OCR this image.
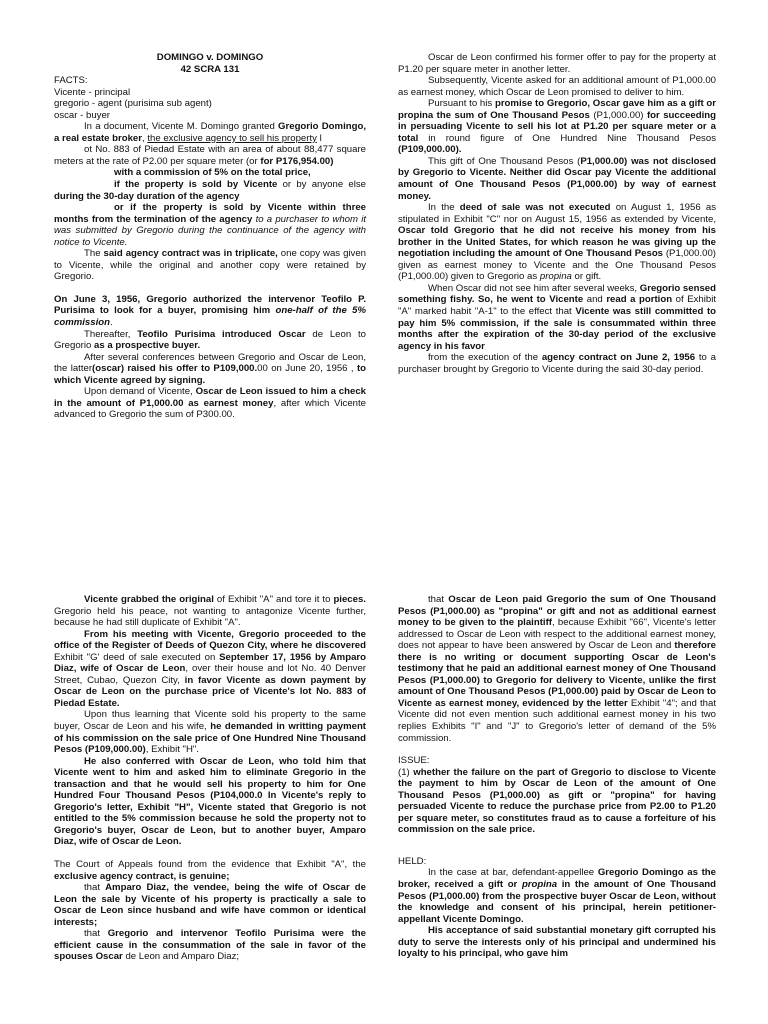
DOMINGO v. DOMINGO

42 SCRA 131

FACTS:

Vicente - principal

gregorio - agent (purisima sub agent)

oscar - buyer

In a document, Vicente M. Domingo granted Gregorio Domingo, a real estate broker, the exclusive agency to sell his property l

ot No. 883 of Piedad Estate with an area of about 88,477 square meters at the rate of P2.00 per square meter (or for P176,954.00)

with a commission of 5% on the total price,

if the property is sold by Vicente or by anyone else during the 30-day duration of the agency

or if the property is sold by Vicente within three months from the termination of the agency to a purchaser to whom it was submitted by Gregorio during the continuance of the agency with notice to Vicente.

The said agency contract was in triplicate, one copy was given to Vicente, while the original and another copy were retained by Gregorio.

On June 3, 1956, Gregorio authorized the intervenor Teofilo P. Purisima to look for a buyer, promising him one-half of the 5% commission.

Thereafter, Teofilo Purisima introduced Oscar de Leon to Gregorio as a prospective buyer.

After several conferences between Gregorio and Oscar de Leon, the latter(oscar) raised his offer to P109,000.00 on June 20, 1956 , to which Vicente agreed by signing.

Upon demand of Vicente, Oscar de Leon issued to him a check in the amount of P1,000.00 as earnest money, after which Vicente advanced to Gregorio the sum of P300.00.

Oscar de Leon confirmed his former offer to pay for the property at P1.20 per square meter in another letter.

Subsequently, Vicente asked for an additional amount of P1,000.00 as earnest money, which Oscar de Leon promised to deliver to him.

Pursuant to his promise to Gregorio, Oscar gave him as a gift or propina the sum of One Thousand Pesos (P1,000.00) for succeeding in persuading Vicente to sell his lot at P1.20 per square meter or a total in round figure of One Hundred Nine Thousand Pesos (P109,000.00).

This gift of One Thousand Pesos (P1,000.00) was not disclosed by Gregorio to Vicente. Neither did Oscar pay Vicente the additional amount of One Thousand Pesos (P1,000.00) by way of earnest money.

In the deed of sale was not executed on August 1, 1956 as stipulated in Exhibit "C" nor on August 15, 1956 as extended by Vicente, Oscar told Gregorio that he did not receive his money from his brother in the United States, for which reason he was giving up the negotiation including the amount of One Thousand Pesos (P1,000.00) given as earnest money to Vicente and the One Thousand Pesos (P1,000.00) given to Gregorio as propina or gift.

When Oscar did not see him after several weeks, Gregorio sensed something fishy. So, he went to Vicente and read a portion of Exhibit "A" marked habit "A-1" to the effect that Vicente was still committed to pay him 5% commission, if the sale is consummated within three months after the expiration of the 30-day period of the exclusive agency in his favor

from the execution of the agency contract on June 2, 1956 to a purchaser brought by Gregorio to Vicente during the said 30-day period.

Vicente grabbed the original of Exhibit "A" and tore it to pieces. Gregorio held his peace, not wanting to antagonize Vicente further, because he had still duplicate of Exhibit "A".

From his meeting with Vicente, Gregorio proceeded to the office of the Register of Deeds of Quezon City, where he discovered Exhibit "G' deed of sale executed on September 17, 1956 by Amparo Diaz, wife of Oscar de Leon, over their house and lot No. 40 Denver Street, Cubao, Quezon City, in favor Vicente as down payment by Oscar de Leon on the purchase price of Vicente's lot No. 883 of Piedad Estate.

Upon thus learning that Vicente sold his property to the same buyer, Oscar de Leon and his wife, he demanded in writting payment of his commission on the sale price of One Hundred Nine Thousand Pesos (P109,000.00), Exhibit "H".

He also conferred with Oscar de Leon, who told him that Vicente went to him and asked him to eliminate Gregorio in the transaction and that he would sell his property to him for One Hundred Four Thousand Pesos (P104,000.0 In Vicente's reply to Gregorio's letter, Exhibit "H", Vicente stated that Gregorio is not entitled to the 5% commission because he sold the property not to Gregorio's buyer, Oscar de Leon, but to another buyer, Amparo Diaz, wife of Oscar de Leon.

The Court of Appeals found from the evidence that Exhibit "A", the exclusive agency contract, is genuine;

that Amparo Diaz, the vendee, being the wife of Oscar de Leon the sale by Vicente of his property is practically a sale to Oscar de Leon since husband and wife have common or identical interests;

that Gregorio and intervenor Teofilo Purisima were the efficient cause in the consummation of the sale in favor of the spouses Oscar de Leon and Amparo Diaz;

that Oscar de Leon paid Gregorio the sum of One Thousand Pesos (P1,000.00) as "propina" or gift and not as additional earnest money to be given to the plaintiff, because Exhibit "66", Vicente's letter addressed to Oscar de Leon with respect to the additional earnest money, does not appear to have been answered by Oscar de Leon and therefore there is no writing or document supporting Oscar de Leon's testimony that he paid an additional earnest money of One Thousand Pesos (P1,000.00) to Gregorio for delivery to Vicente, unlike the first amount of One Thousand Pesos (P1,000.00) paid by Oscar de Leon to Vicente as earnest money, evidenced by the letter Exhibit "4"; and that Vicente did not even mention such additional earnest money in his two replies Exhibits "I" and "J" to Gregorio's letter of demand of the 5% commission.

ISSUE:

(1) whether the failure on the part of Gregorio to disclose to Vicente the payment to him by Oscar de Leon of the amount of One Thousand Pesos (P1,000.00) as gift or "propina" for having persuaded Vicente to reduce the purchase price from P2.00 to P1.20 per square meter, so constitutes fraud as to cause a forfeiture of his commission on the sale price.

HELD:

In the case at bar, defendant-appellee Gregorio Domingo as the broker, received a gift or propina in the amount of One Thousand Pesos (P1,000.00) from the prospective buyer Oscar de Leon, without the knowledge and consent of his principal, herein petitioner-appellant Vicente Domingo.

His acceptance of said substantial monetary gift corrupted his duty to serve the interests only of his principal and undermined his loyalty to his principal, who gave him
